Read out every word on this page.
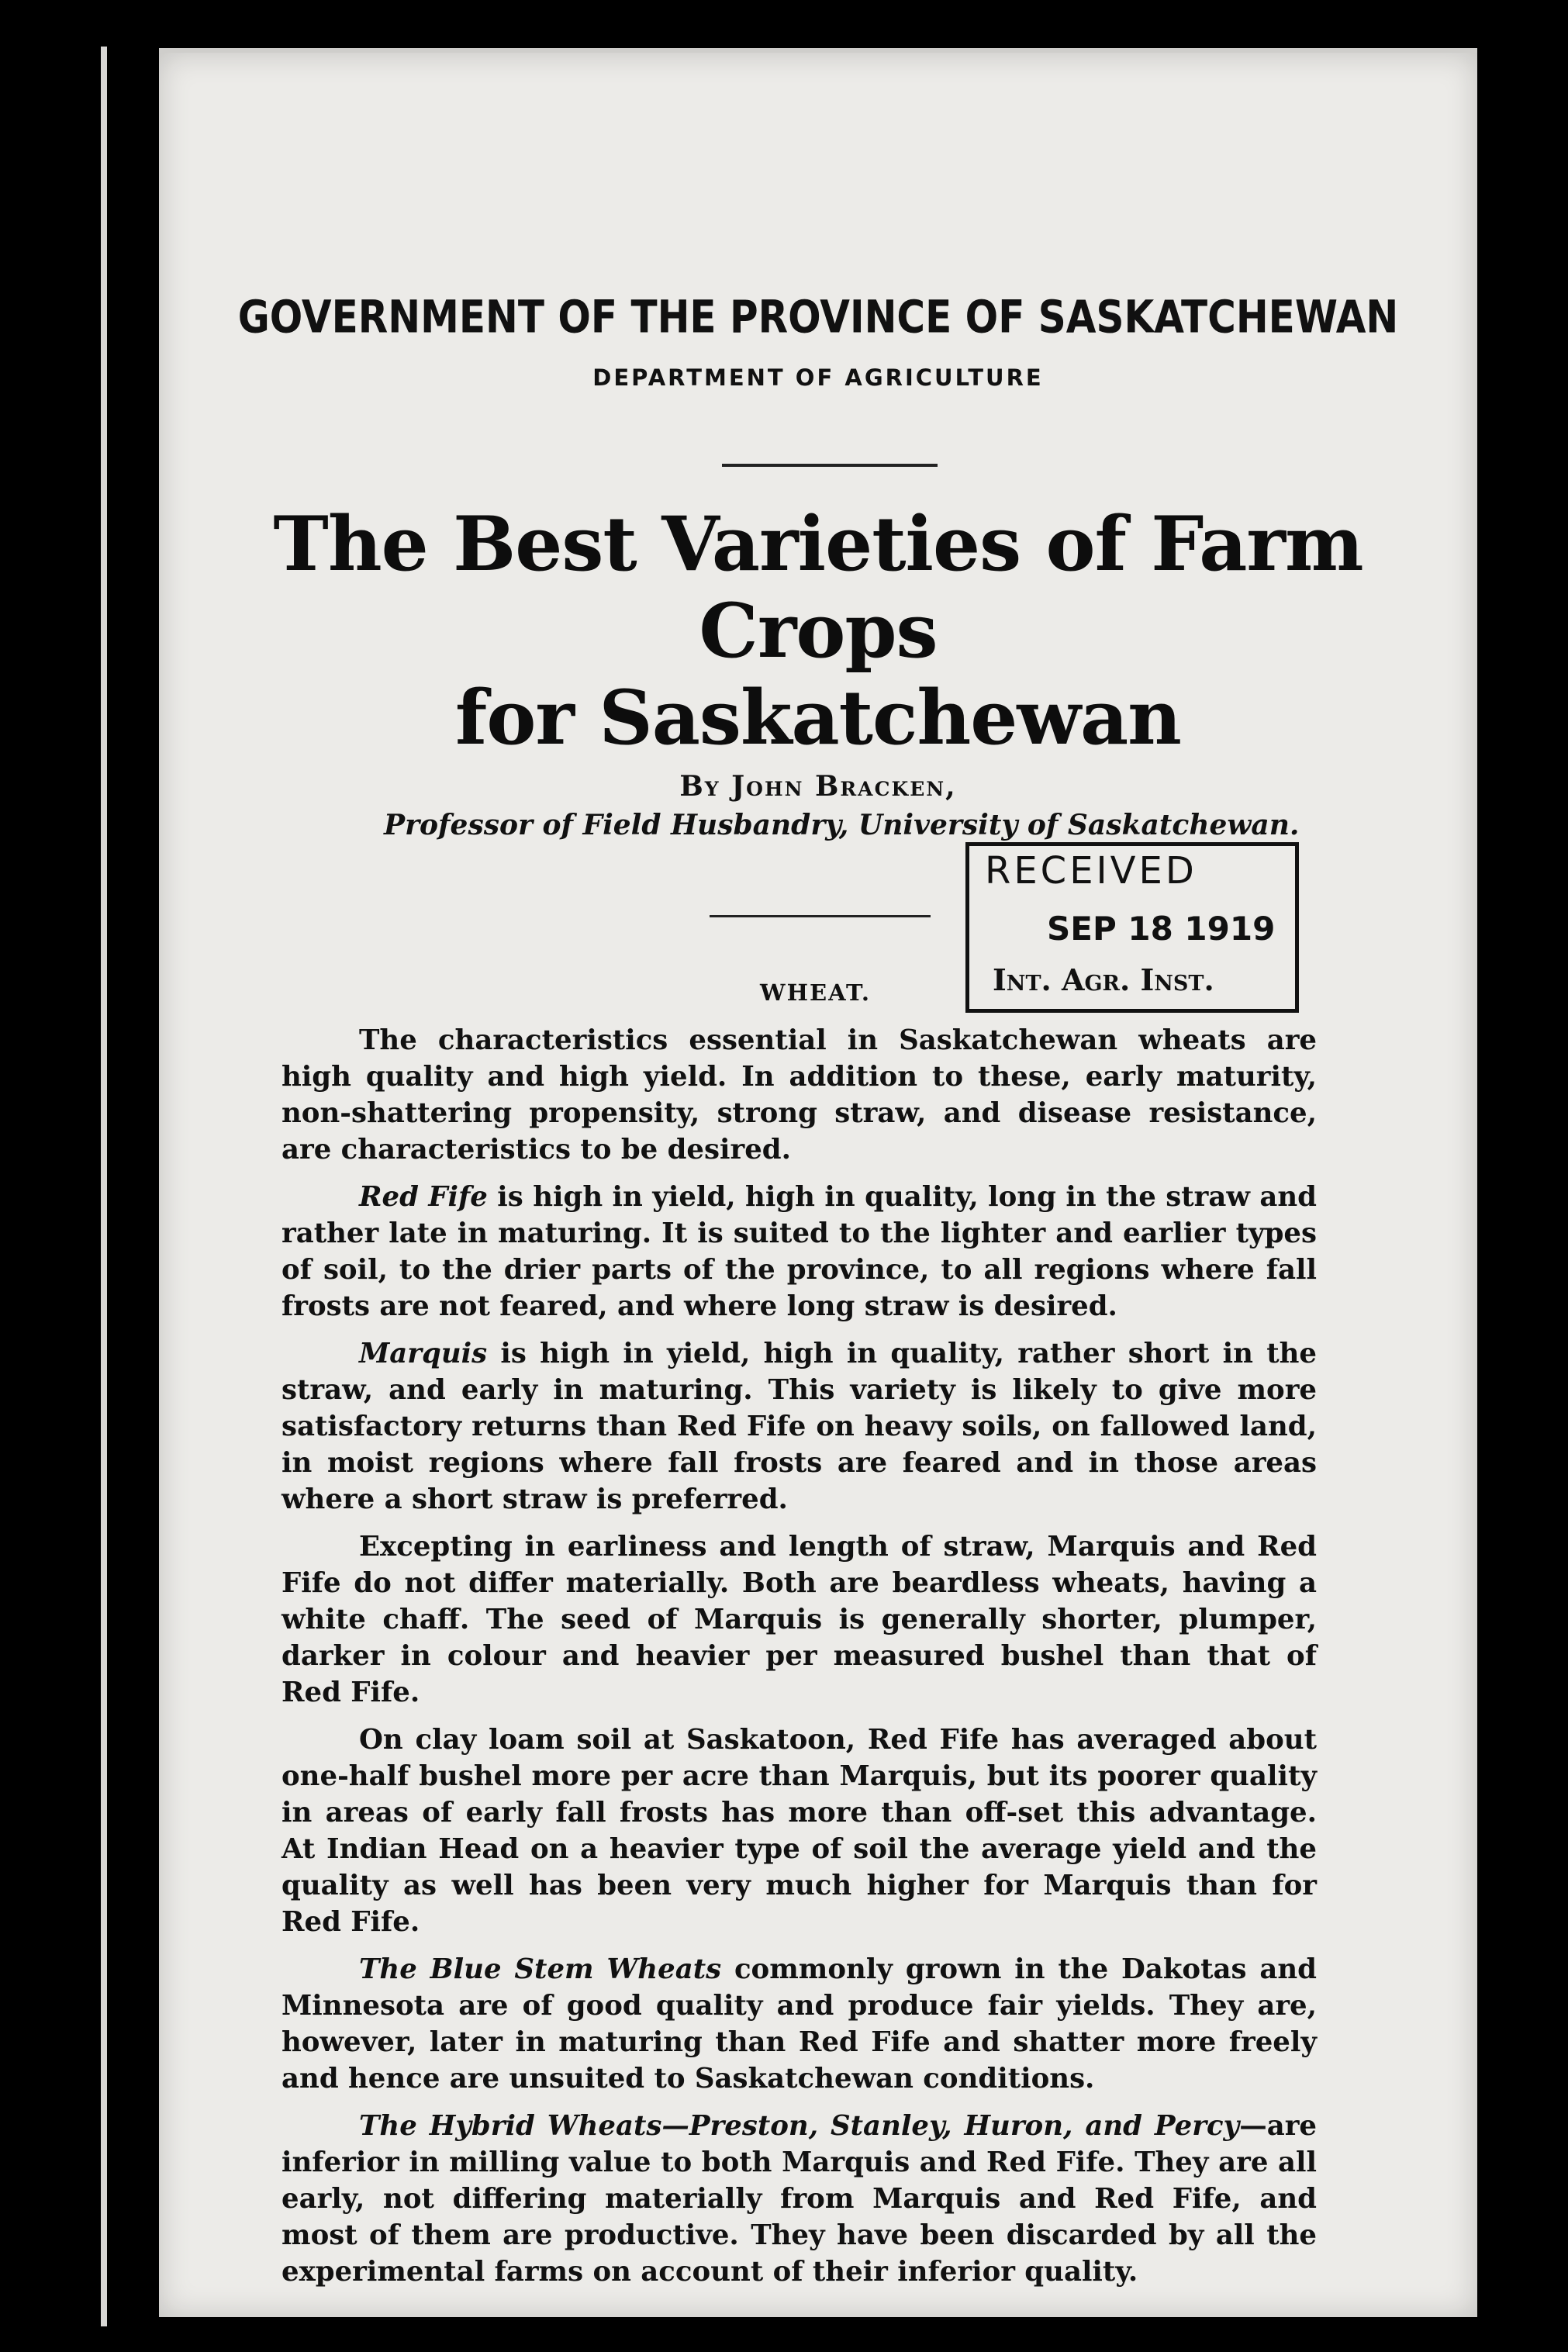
GOVERNMENT OF THE PROVINCE OF SASKATCHEWAN
DEPARTMENT OF AGRICULTURE
The Best Varieties of Farm Crops
for Saskatchewan
By John Bracken,
Professor of Field Husbandry, University of Saskatchewan.
RECEIVED
SEP 18 1919
Int. Agr. Inst.
WHEAT.

The characteristics essential in Saskatchewan wheats are high quality and high yield. In addition to these, early maturity, non-shattering propensity, strong straw, and disease resistance, are characteristics to be desired.

Red Fife is high in yield, high in quality, long in the straw and rather late in maturing. It is suited to the lighter and earlier types of soil, to the drier parts of the province, to all regions where fall frosts are not feared, and where long straw is desired.

Marquis is high in yield, high in quality, rather short in the straw, and early in maturing. This variety is likely to give more satisfactory returns than Red Fife on heavy soils, on fallowed land, in moist regions where fall frosts are feared and in those areas where a short straw is preferred.

Excepting in earliness and length of straw, Marquis and Red Fife do not differ materially. Both are beardless wheats, having a white chaff. The seed of Marquis is generally shorter, plumper, darker in colour and heavier per measured bushel than that of Red Fife.

On clay loam soil at Saskatoon, Red Fife has averaged about one-half bushel more per acre than Marquis, but its poorer quality in areas of early fall frosts has more than off-set this advantage. At Indian Head on a heavier type of soil the average yield and the quality as well has been very much higher for Marquis than for Red Fife.

The Blue Stem Wheats commonly grown in the Dakotas and Minnesota are of good quality and produce fair yields. They are, however, later in maturing than Red Fife and shatter more freely and hence are unsuited to Saskatchewan conditions.

The Hybrid Wheats—Preston, Stanley, Huron, and Percy—are inferior in milling value to both Marquis and Red Fife. They are all early, not differing materially from Marquis and Red Fife, and most of them are productive. They have been discarded by all the experimental farms on account of their inferior quality.
